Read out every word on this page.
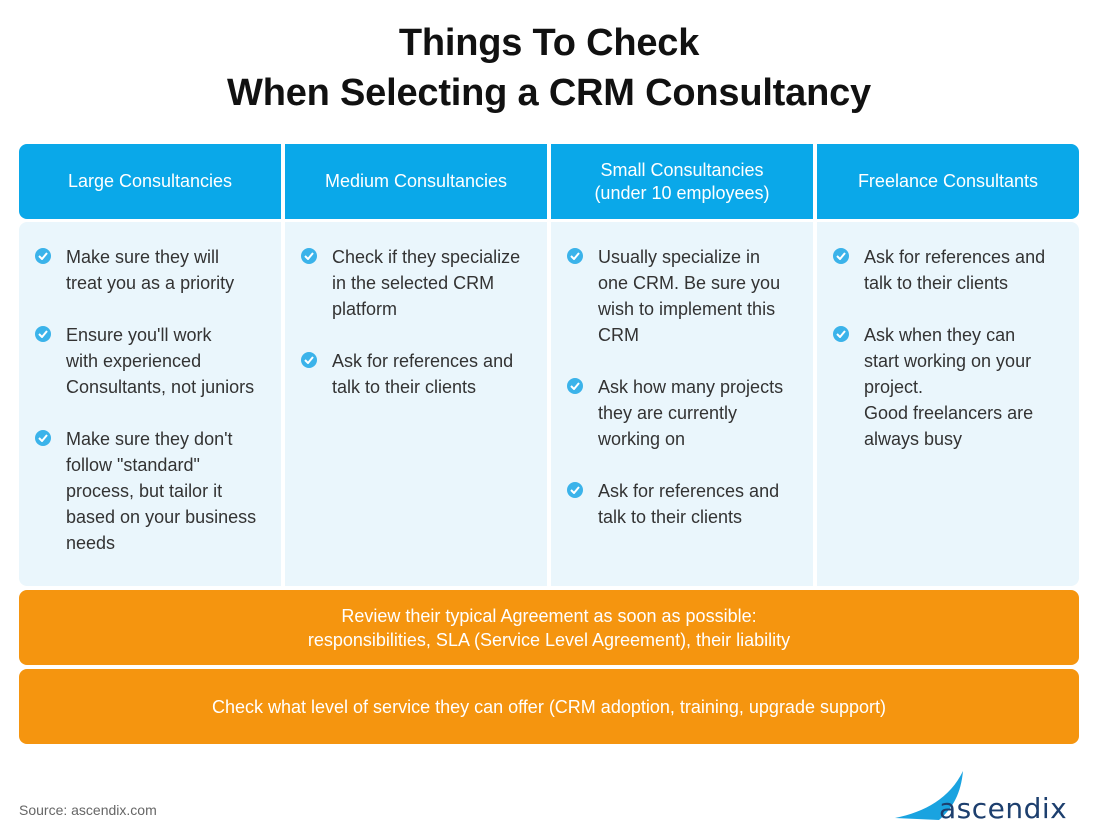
Things To Check
When Selecting a CRM Consultancy
Large Consultancies	Medium Consultancies
Small Consultancies
(under 10 employees)
Freelance Consultants
Make sure they will
treat you as a priority
Ensure you'll work
with experienced
Consultants, not juniors
Make sure they don't
follow "standard"
process, but tailor it
based on your business
needs
Check if they specialize
in the selected CRM
platform
Ask for references and
talk to their clients
Usually specialize in
one CRM. Be sure you
wish to implement this
CRM
Ask how many projects
they are currently
working on
Ask for references and
talk to their clients
Ask for references and
talk to their clients
Ask when they can
start working on your
project.
Good freelancers are
always busy
Review their typical Agreement as soon as possible:
responsibilities, SLA (Service Level Agreement), their liability
Check what level of service they can offer (CRM adoption, training, upgrade support)
Source: ascendix.com	ascendix
